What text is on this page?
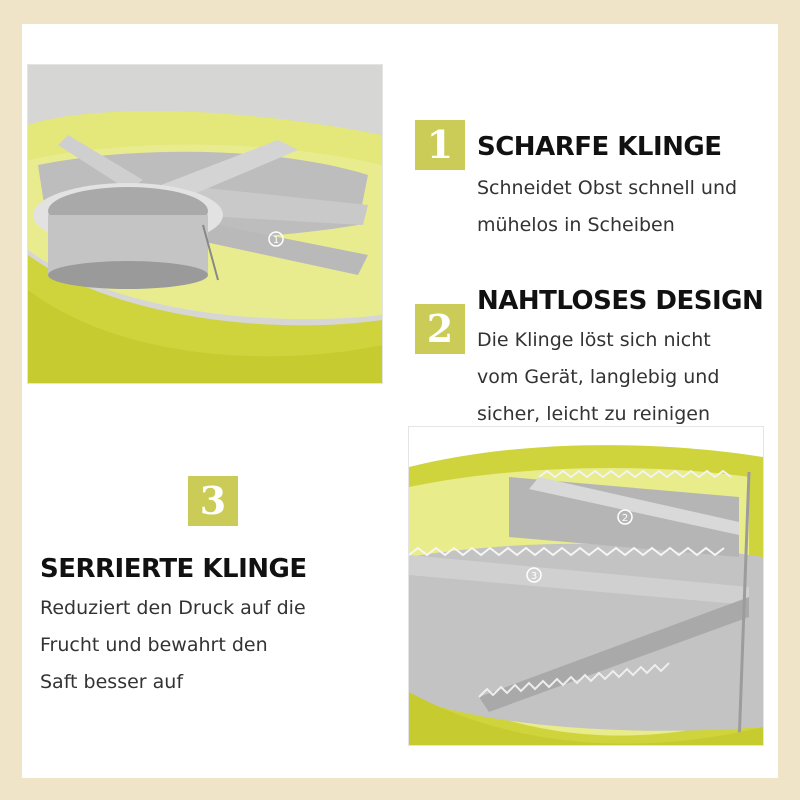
1
1 SCHARFE KLINGE
Schneidet Obst schnell und
mühelos in Scheiben
2
NAHTLOSES DESIGN
Die Klinge löst sich nicht
vom Gerät, langlebig und
sicher, leicht zu reinigen
3
SERRIERTE KLINGE
Reduziert den Druck auf die
Frucht und bewahrt den
Saft besser auf
2
3
